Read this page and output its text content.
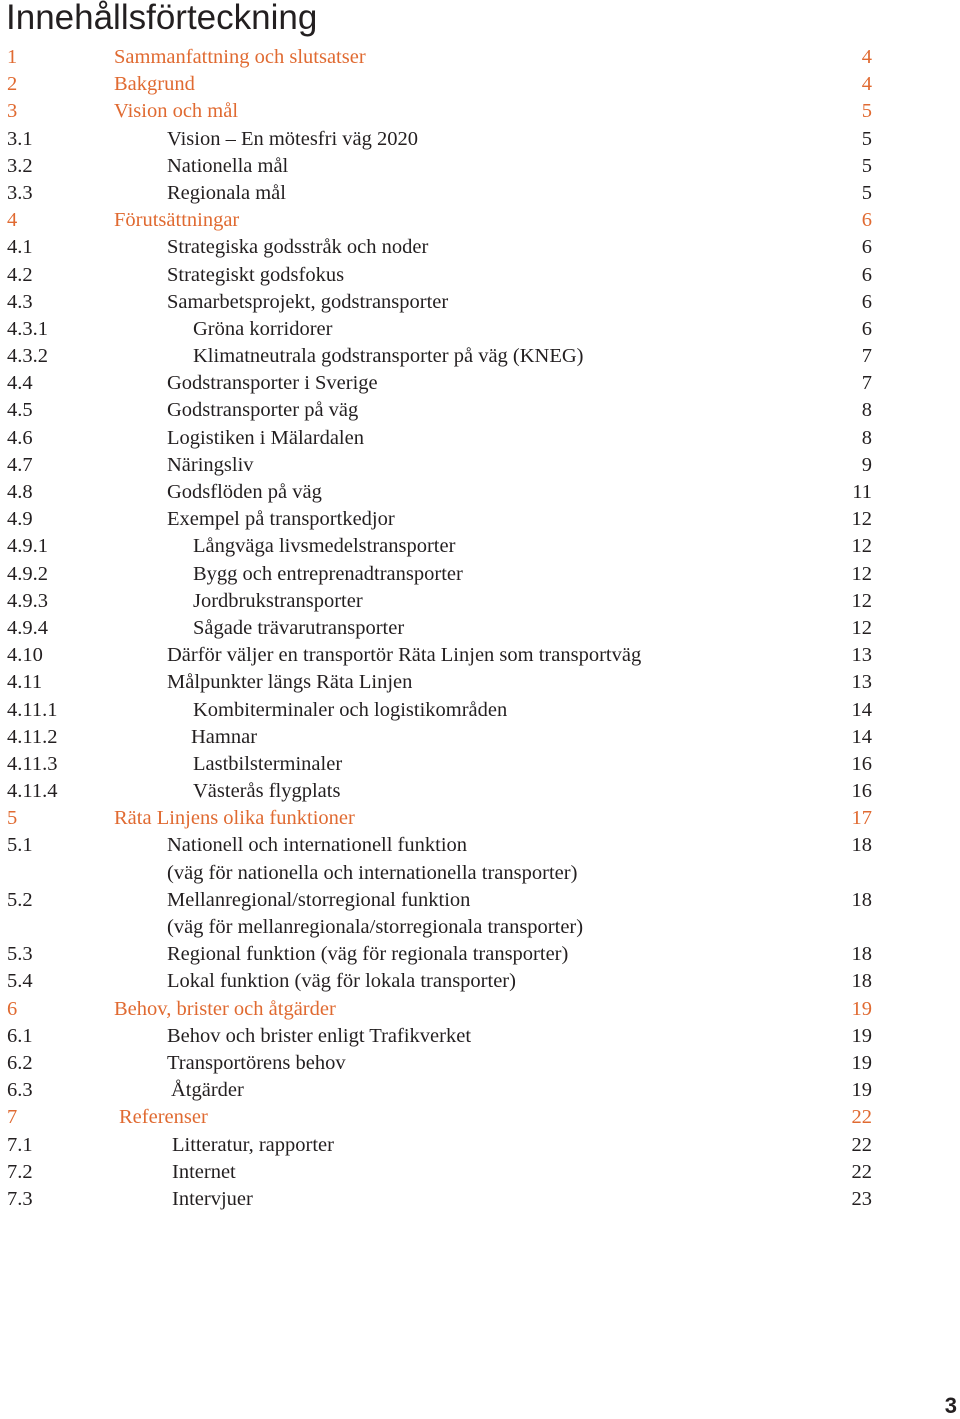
Innehållsförteckning
1	Sammanfattning och slutsatser	4
2	Bakgrund	4
3	Vision och mål	5
3.1	Vision – En mötesfri väg 2020	5
3.2	Nationella mål	5
3.3	Regionala mål	5
4	Förutsättningar	6
4.1	Strategiska godsstråk och noder	6
4.2	Strategiskt godsfokus	6
4.3	Samarbetsprojekt, godstransporter	6
4.3.1	Gröna korridorer	6
4.3.2	Klimatneutrala godstransporter på väg (KNEG)	7
4.4	Godstransporter i Sverige	7
4.5	Godstransporter på väg	8
4.6	Logistiken i Mälardalen	8
4.7	Näringsliv	9
4.8	Godsflöden på väg	11
4.9	Exempel på transportkedjor	12
4.9.1	Långväga livsmedelstransporter	12
4.9.2	Bygg och entreprenadtransporter	12
4.9.3	Jordbrukstransporter	12
4.9.4	Sågade trävarutransporter	12
4.10	Därför väljer en transportör Räta Linjen som transportväg	13
4.11	Målpunkter längs Räta Linjen	13
4.11.1	Kombiterminaler och logistikområden	14
4.11.2	Hamnar	14
4.11.3	Lastbilsterminaler	16
4.11.4	Västerås flygplats	16
5	Räta Linjens olika funktioner	17
5.1	Nationell och internationell funktion	18
(väg för nationella och internationella transporter)
5.2	Mellanregional/storregional funktion	18
(väg för mellanregionala/storregionala transporter)
5.3	Regional funktion (väg för regionala transporter)	18
5.4	Lokal funktion (väg för lokala transporter)	18
6	Behov, brister och åtgärder	19
6.1	Behov och brister enligt Trafikverket	19
6.2	Transportörens behov	19
6.3	Åtgärder	19
7	Referenser	22
7.1	Litteratur, rapporter	22
7.2	Internet	22
7.3	Intervjuer	23
3
